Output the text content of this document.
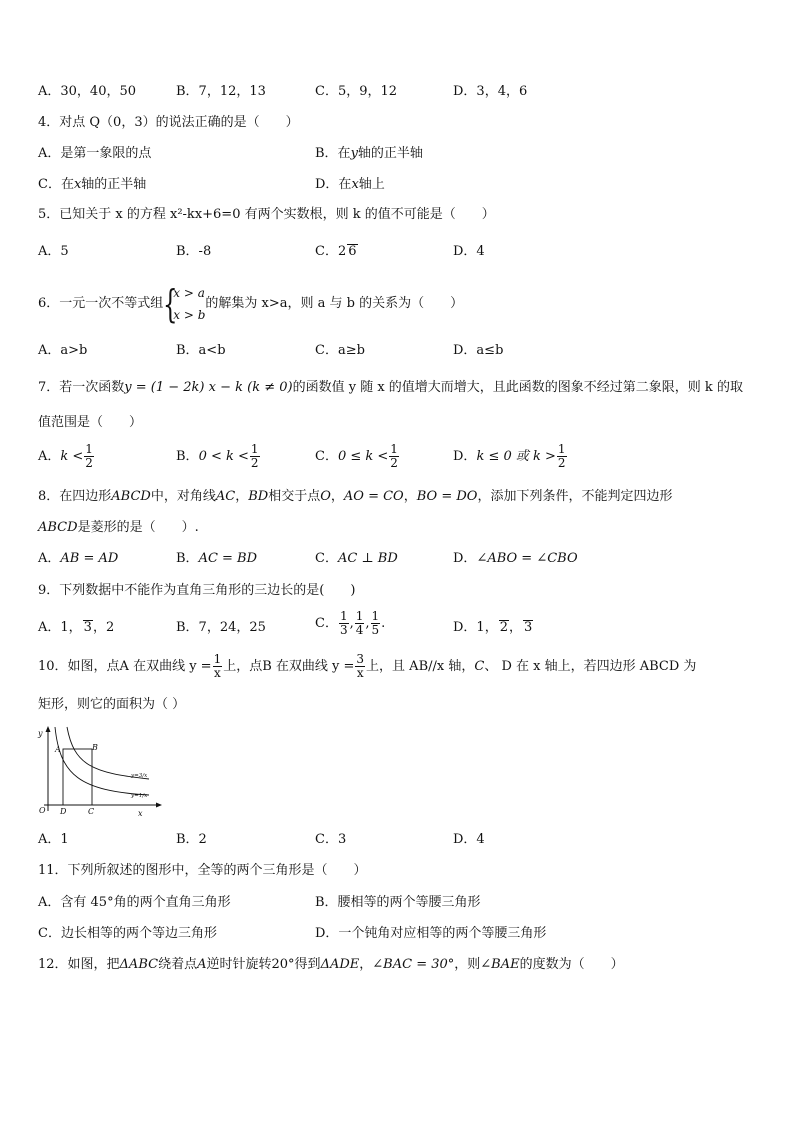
A．30，40，50	B．7，12，13	C．5，9，12	D．3，4，6
4．对点 Q（0，3）的说法正确的是（　　）
A．是第一象限的点	B．在y轴的正半轴
C．在x轴的正半轴	D．在x轴上
5．已知关于 x 的方程 x²-kx+6=0 有两个实数根，则 k 的值不可能是（　　）
A．5	B．-8	C．2 6	D．4
6．一元一次不等式组 {
x > a
x > b
的解集为 x>a，则 a 与 b 的关系为（　　）
A．a>b	B．a<b	C．a≥b	D．a≤b
7．若一次函数y = (1 − 2k) x − k (k ≠ 0)的函数值 y 随 x 的值增大而增大，且此函数的图象不经过第二象限，则 k 的取
值范围是（　　）
A．$k < \frac{1}{2}$	B．$0 < k < \frac{1}{2}$	C．$0 \le k < \frac{1}{2}$	D．k ≤ 0 或 $k > \frac{1}{2}$
8．在四边形ABCD中，对角线AC，BD相交于点O，AO = CO，BO = DO，添加下列条件，不能判定四边形
ABCD是菱形的是（　　）.
A．AB = AD	B．AC = BD	C．AC ⊥ BD	D．∠ABO = ∠CBO
9．下列数据中不能作为直角三角形的三边长的是(　　)
A．1， 3，2	B．7，24，25	C． $\frac{1}{3}$ , $\frac{1}{4}$ , $\frac{1}{5}$ .	D．1， 2， 3
10．如图，点A 在双曲线 $y = \frac{1}{x}$ 上，点B 在双曲线 $y = \frac{3}{x}$ 上，且 AB//x 轴，C、 D 在 x 轴上，若四边形 ABCD 为
矩形，则它的面积为（ ）
y
x
O
A	B
D	C
y=3/x
y=1/x
A．1	B．2	C．3	D．4
11．下列所叙述的图形中，全等的两个三角形是（　　）
A．含有 45°角的两个直角三角形	B．腰相等的两个等腰三角形
C．边长相等的两个等边三角形	D．一个钝角对应相等的两个等腰三角形
12．如图，把ΔABC绕着点A逆时针旋转20°得到ΔADE，∠BAC = 30°，则∠BAE的度数为（　　）
